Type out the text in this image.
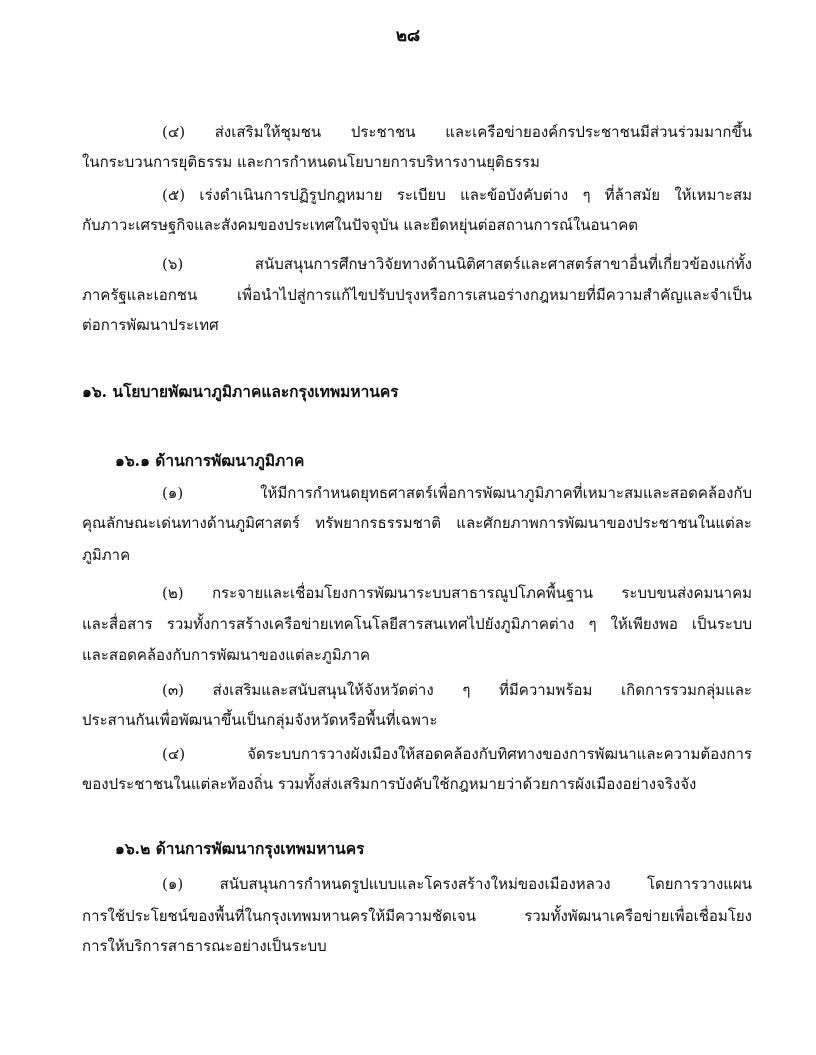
๒๘
(๔) ส่งเสริมให้ชุมชน ประชาชน และเครือข่ายองค์กรประชาชนมีส่วนร่วมมากขึ้น
ในกระบวนการยุติธรรม และการกำหนดนโยบายการบริหารงานยุติธรรม
(๕) เร่งดำเนินการปฏิรูปกฎหมาย ระเบียบ และข้อบังคับต่าง ๆ ที่ล้าสมัย ให้เหมาะสม
กับภาวะเศรษฐกิจและสังคมของประเทศในปัจจุบัน และยืดหยุ่นต่อสถานการณ์ในอนาคต
(๖) สนับสนุนการศึกษาวิจัยทางด้านนิติศาสตร์และศาสตร์สาขาอื่นที่เกี่ยวข้องแก่ทั้ง
ภาครัฐและเอกชน เพื่อนำไปสู่การแก้ไขปรับปรุงหรือการเสนอร่างกฎหมายที่มีความสำคัญและจำเป็น
ต่อการพัฒนาประเทศ
๑๖. นโยบายพัฒนาภูมิภาคและกรุงเทพมหานคร
๑๖.๑ ด้านการพัฒนาภูมิภาค
(๑) ให้มีการกำหนดยุทธศาสตร์เพื่อการพัฒนาภูมิภาคที่เหมาะสมและสอดคล้องกับ
คุณลักษณะเด่นทางด้านภูมิศาสตร์ ทรัพยากรธรรมชาติ และศักยภาพการพัฒนาของประชาชนในแต่ละ
ภูมิภาค
(๒) กระจายและเชื่อมโยงการพัฒนาระบบสาธารณูปโภคพื้นฐาน ระบบขนส่งคมนาคม
และสื่อสาร รวมทั้งการสร้างเครือข่ายเทคโนโลยีสารสนเทศไปยังภูมิภาคต่าง ๆ ให้เพียงพอ เป็นระบบ
และสอดคล้องกับการพัฒนาของแต่ละภูมิภาค
(๓) ส่งเสริมและสนับสนุนให้จังหวัดต่าง ๆ ที่มีความพร้อม เกิดการรวมกลุ่มและ
ประสานกันเพื่อพัฒนาขึ้นเป็นกลุ่มจังหวัดหรือพื้นที่เฉพาะ
(๔) จัดระบบการวางผังเมืองให้สอดคล้องกับทิศทางของการพัฒนาและความต้องการ
ของประชาชนในแต่ละท้องถิ่น รวมทั้งส่งเสริมการบังคับใช้กฎหมายว่าด้วยการผังเมืองอย่างจริงจัง
๑๖.๒ ด้านการพัฒนากรุงเทพมหานคร
(๑) สนับสนุนการกำหนดรูปแบบและโครงสร้างใหม่ของเมืองหลวง โดยการวางแผน
การใช้ประโยชน์ของพื้นที่ในกรุงเทพมหานครให้มีความชัดเจน รวมทั้งพัฒนาเครือข่ายเพื่อเชื่อมโยง
การให้บริการสาธารณะอย่างเป็นระบบ
